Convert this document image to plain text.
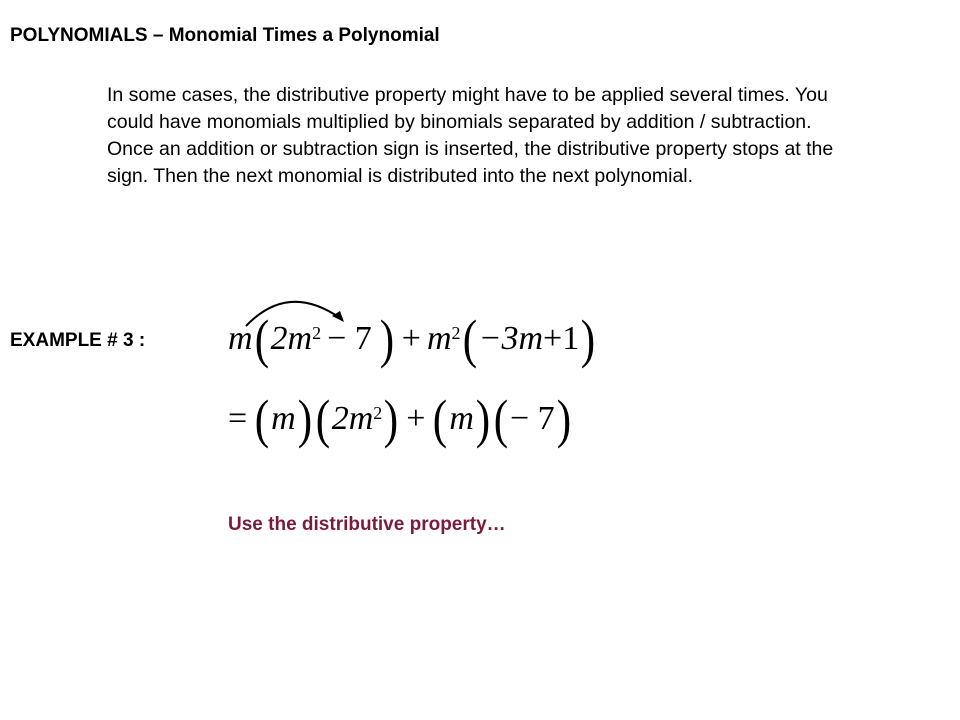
POLYNOMIALS – Monomial Times a Polynomial
In some cases, the distributive property might have to be applied several times. You could have monomials multiplied by binomials separated by addition / subtraction. Once an addition or subtraction sign is inserted, the distributive property stops at the sign. Then the next monomial is distributed into the next polynomial.
EXAMPLE # 3 : m ( $2m^2 - 7$ ) + $m^2$ ( −3m +1 )
= ( m ) ( $2m^2$ ) + ( m ) ( − 7 )
Use the distributive property…
